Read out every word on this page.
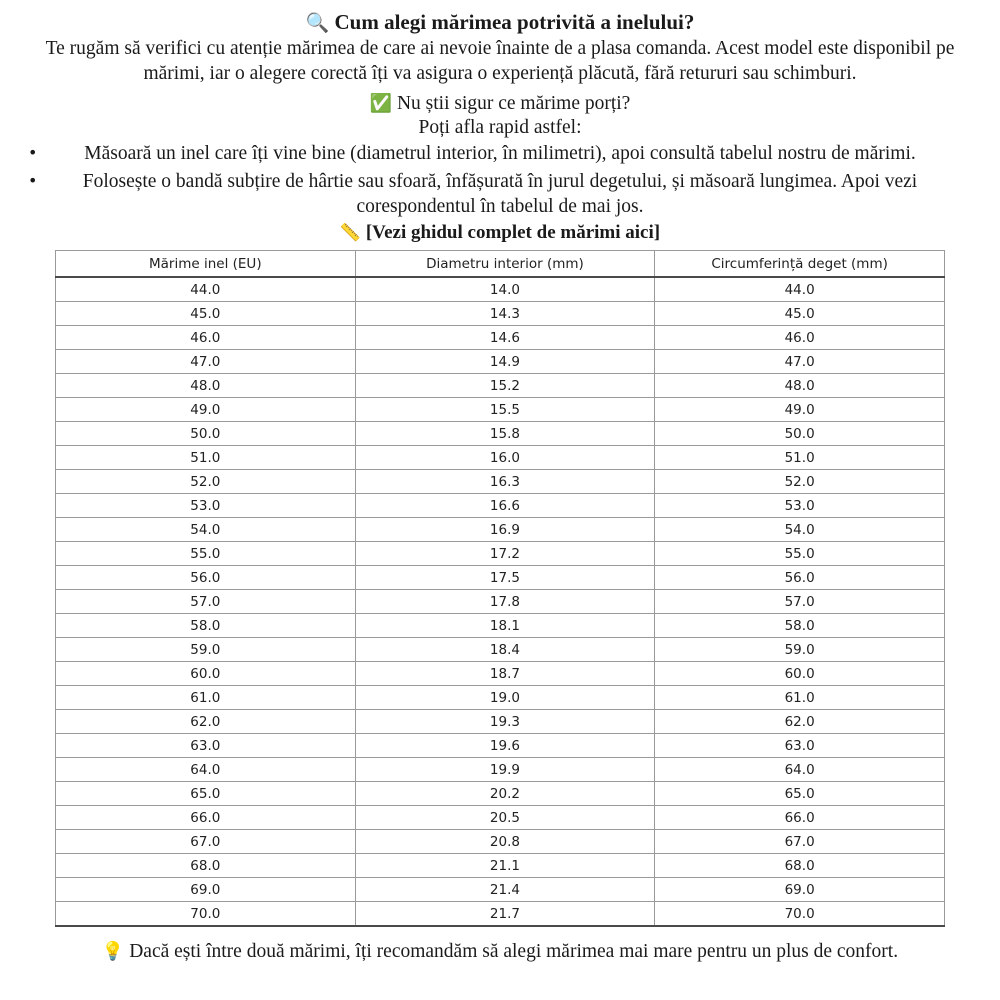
🔍 Cum alegi mărimea potrivită a inelului?
Te rugăm să verifici cu atenție mărimea de care ai nevoie înainte de a plasa comanda. Acest model este disponibil pe mărimi, iar o alegere corectă îți va asigura o experiență plăcută, fără retururi sau schimburi.
✅ Nu știi sigur ce mărime porți?
Poți afla rapid astfel:
• Măsoară un inel care îți vine bine (diametrul interior, în milimetri), apoi consultă tabelul nostru de mărimi.
• Folosește o bandă subțire de hârtie sau sfoară, înfășurată în jurul degetului, și măsoară lungimea. Apoi vezi corespondentul în tabelul de mai jos.
📏 [Vezi ghidul complet de mărimi aici]
Mărime inel (EU)	Diametru interior (mm)	Circumferință deget (mm)
44.0	14.0	44.0
45.0	14.3	45.0
46.0	14.6	46.0
47.0	14.9	47.0
48.0	15.2	48.0
49.0	15.5	49.0
50.0	15.8	50.0
51.0	16.0	51.0
52.0	16.3	52.0
53.0	16.6	53.0
54.0	16.9	54.0
55.0	17.2	55.0
56.0	17.5	56.0
57.0	17.8	57.0
58.0	18.1	58.0
59.0	18.4	59.0
60.0	18.7	60.0
61.0	19.0	61.0
62.0	19.3	62.0
63.0	19.6	63.0
64.0	19.9	64.0
65.0	20.2	65.0
66.0	20.5	66.0
67.0	20.8	67.0
68.0	21.1	68.0
69.0	21.4	69.0
70.0	21.7	70.0
💡 Dacă ești între două mărimi, îți recomandăm să alegi mărimea mai mare pentru un plus de confort.
